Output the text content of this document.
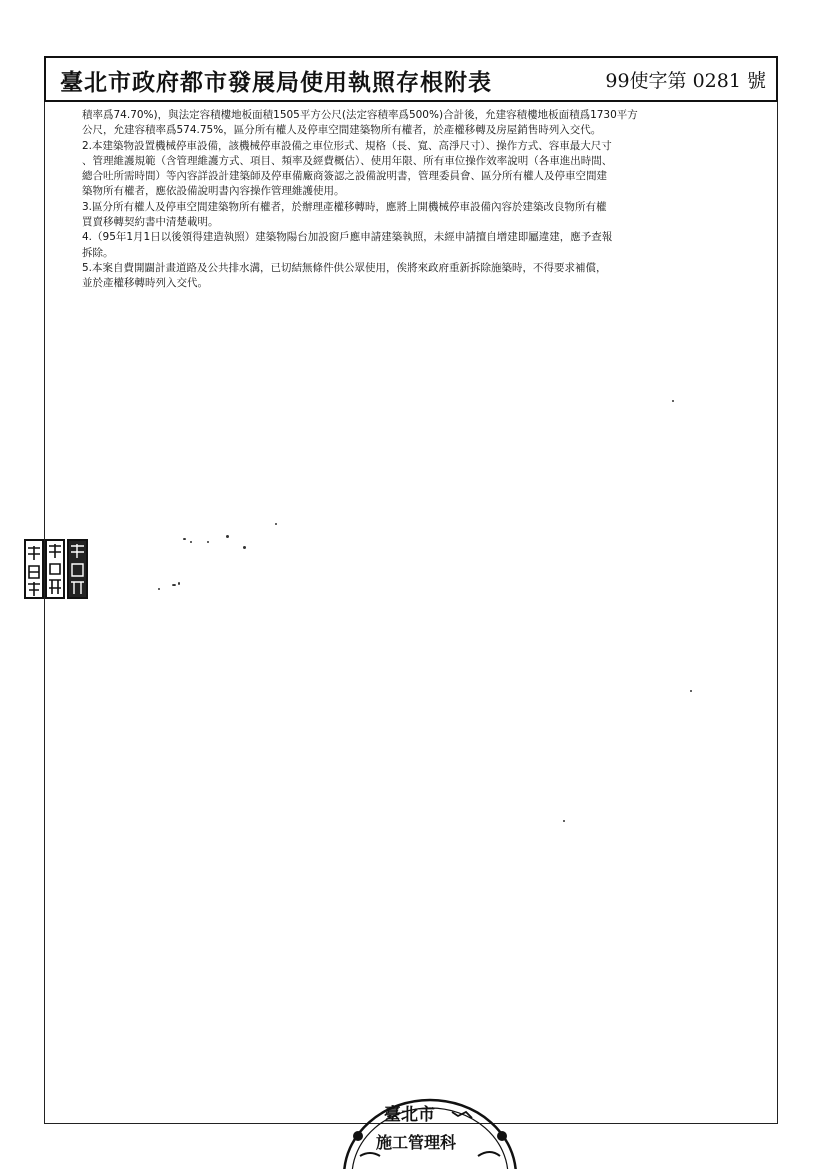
臺北市政府都市發展局使用執照存根附表	99使字第 0281 號
積率爲74.70%)，與法定容積樓地板面積1505平方公尺(法定容積率爲500%)合計後，允建容積樓地板面積爲1730平方
公尺，允建容積率爲574.75%，區分所有權人及停車空間建築物所有權者，於產權移轉及房屋銷售時列入交代。
2.本建築物設置機械停車設備，該機械停車設備之車位形式、規格（長、寬、高淨尺寸）、操作方式、容車最大尺寸
、管理維護規範（含管理維護方式、項目、頻率及經費概估）、使用年限、所有車位操作效率說明（各車進出時間、
總合吐所需時間）等內容詳設計建築師及停車備廠商簽認之設備說明書，管理委員會、區分所有權人及停車空間建
築物所有權者，應依設備說明書內容操作管理維護使用。
3.區分所有權人及停車空間建築物所有權者，於辦理產權移轉時，應將上開機械停車設備內容於建築改良物所有權
買賣移轉契約書中清楚載明。
4.（95年1月1日以後領得建造執照）建築物陽台加設窗戶應申請建築執照，未經申請擅自增建即屬違建，應予查報
拆除。
5.本案自費開闢計畫道路及公共排水溝，已切結無條件供公眾使用，俟將來政府重新拆除施築時，不得要求補償，
並於產權移轉時列入交代。
臺北市
施工管理科
